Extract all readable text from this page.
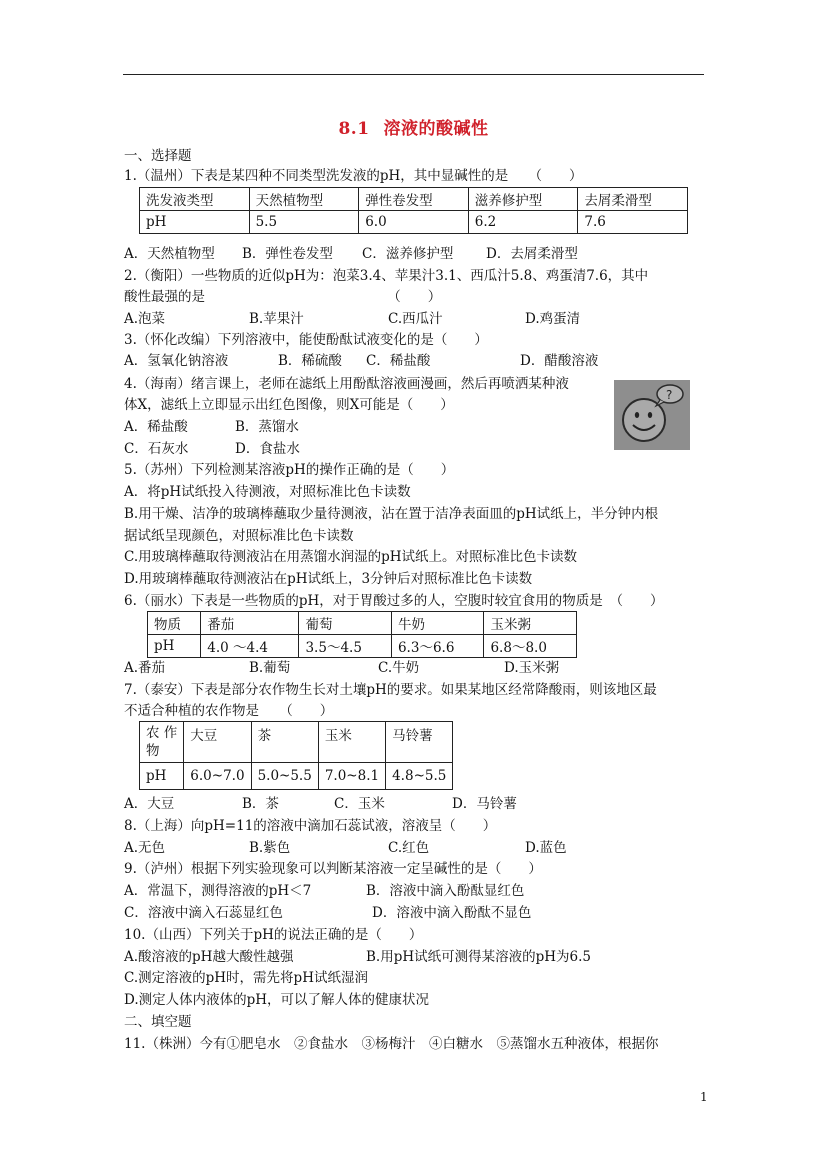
8.1 溶液的酸碱性
一、选择题
1.（温州）下表是某四种不同类型洗发液的pH，其中显碱性的是　　（　　）
洗发液类型	天然植物型	弹性卷发型	滋养修护型	去屑柔滑型
pH	5.5	6.0	6.2	7.6
A．天然植物型 B．弹性卷发型 C．滋养修护型 D．去屑柔滑型
2.（衡阳）一些物质的近似pH为：泡菜3.4、苹果汁3.1、西瓜汁5.8、鸡蛋清7.6，其中
酸性最强的是　　　　　　　　　　　　　　（　　）
A.泡菜	B.苹果汁	C.西瓜汁	D.鸡蛋清
3.（怀化改编）下列溶液中，能使酚酞试液变化的是（　　）
A．氢氧化钠溶液	B．稀硫酸 C．稀盐酸	D．醋酸溶液
4.（海南）绪言课上，老师在滤纸上用酚酞溶液画漫画，然后再喷洒某种液
体X，滤纸上立即显示出红色图像，则X可能是（　　）
A．稀盐酸	B．蒸馏水
C．石灰水	D．食盐水
?
5.（苏州）下列检测某溶液pH的操作正确的是（　　）
A．将pH试纸投入待测液，对照标准比色卡读数
B.用干燥、洁净的玻璃棒蘸取少量待测液，沾在置于洁净表面皿的pH试纸上，半分钟内根
据试纸呈现颜色，对照标准比色卡读数
C.用玻璃棒蘸取待测液沾在用蒸馏水润湿的pH试纸上。对照标准比色卡读数
D.用玻璃棒蘸取待测液沾在pH试纸上，3分钟后对照标准比色卡读数
6.（丽水）下表是一些物质的pH，对于胃酸过多的人，空腹时较宜食用的物质是　（　　）
物质	番茄	葡萄	牛奶	玉米粥
pH	4.0 ～4.4	3.5～4.5	6.3～6.6	6.8～8.0
A.番茄	B.葡萄	C.牛奶	D.玉米粥
7.（泰安）下表是部分农作物生长对土壤pH的要求。如果某地区经常降酸雨，则该地区最
不适合种植的农作物是　　（　　）
农 作
物	大豆	茶	玉米	马铃薯
pH	6.0~7.0	5.0~5.5	7.0~8.1	4.8~5.5
A．大豆	B．茶	C．玉米	D．马铃薯
8.（上海）向pH=11的溶液中滴加石蕊试液，溶液呈（　　）
A.无色	B.紫色	C.红色	D.蓝色
9.（泸州）根据下列实验现象可以判断某溶液一定呈碱性的是（　　）
A．常温下，测得溶液的pH＜7	B．溶液中滴入酚酞显红色
C．溶液中滴入石蕊显红色	D．溶液中滴入酚酞不显色
10.（山西）下列关于pH的说法正确的是（　　）
A.酸溶液的pH越大酸性越强	B.用pH试纸可测得某溶液的pH为6.5
C.测定溶液的pH时，需先将pH试纸湿润
D.测定人体内液体的pH，可以了解人体的健康状况
二、填空题
11.（株洲）今有①肥皂水　②食盐水　③杨梅汁　④白糖水　⑤蒸馏水五种液体，根据你
1
